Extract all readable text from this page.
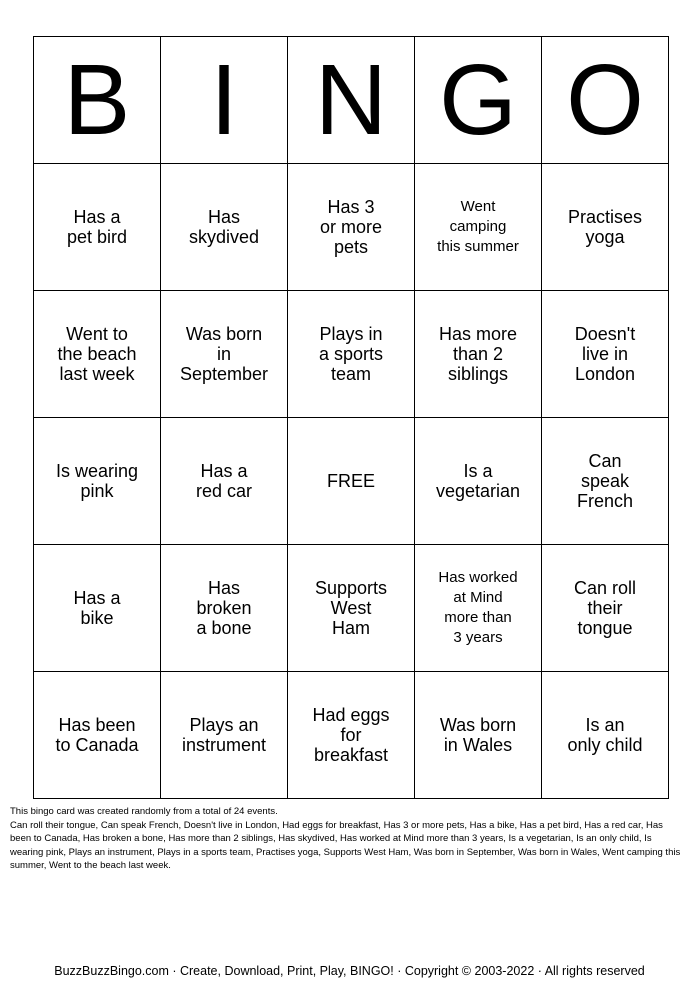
B	I	N	G	O

Has a
pet bird	Has
skydived	Has 3
or more
pets	Went
camping
this summer	Practises
yoga

Went to
the beach
last week	Was born
in
September	Plays in
a sports
team	Has more
than 2
siblings	Doesn't
live in
London

Is wearing
pink	Has a
red car	FREE	Is a
vegetarian	Can
speak
French

Has a
bike	Has
broken
a bone	Supports
West
Ham	Has worked
at Mind
more than
3 years	Can roll
their
tongue

Has been
to Canada	Plays an
instrument	Had eggs
for
breakfast	Was born
in Wales	Is an
only child
This bingo card was created randomly from a total of 24 events.
Can roll their tongue, Can speak French, Doesn't live in London, Had eggs for breakfast, Has 3 or more pets, Has a bike, Has a pet bird, Has a red car, Has been to Canada, Has broken a bone, Has more than 2 siblings, Has skydived, Has worked at Mind more than 3 years, Is a vegetarian, Is an only child, Is wearing pink, Plays an instrument, Plays in a sports team, Practises yoga, Supports West Ham, Was born in September, Was born in Wales, Went camping this summer, Went to the beach last week.
BuzzBuzzBingo.com · Create, Download, Print, Play, BINGO! · Copyright © 2003-2022 · All rights reserved
